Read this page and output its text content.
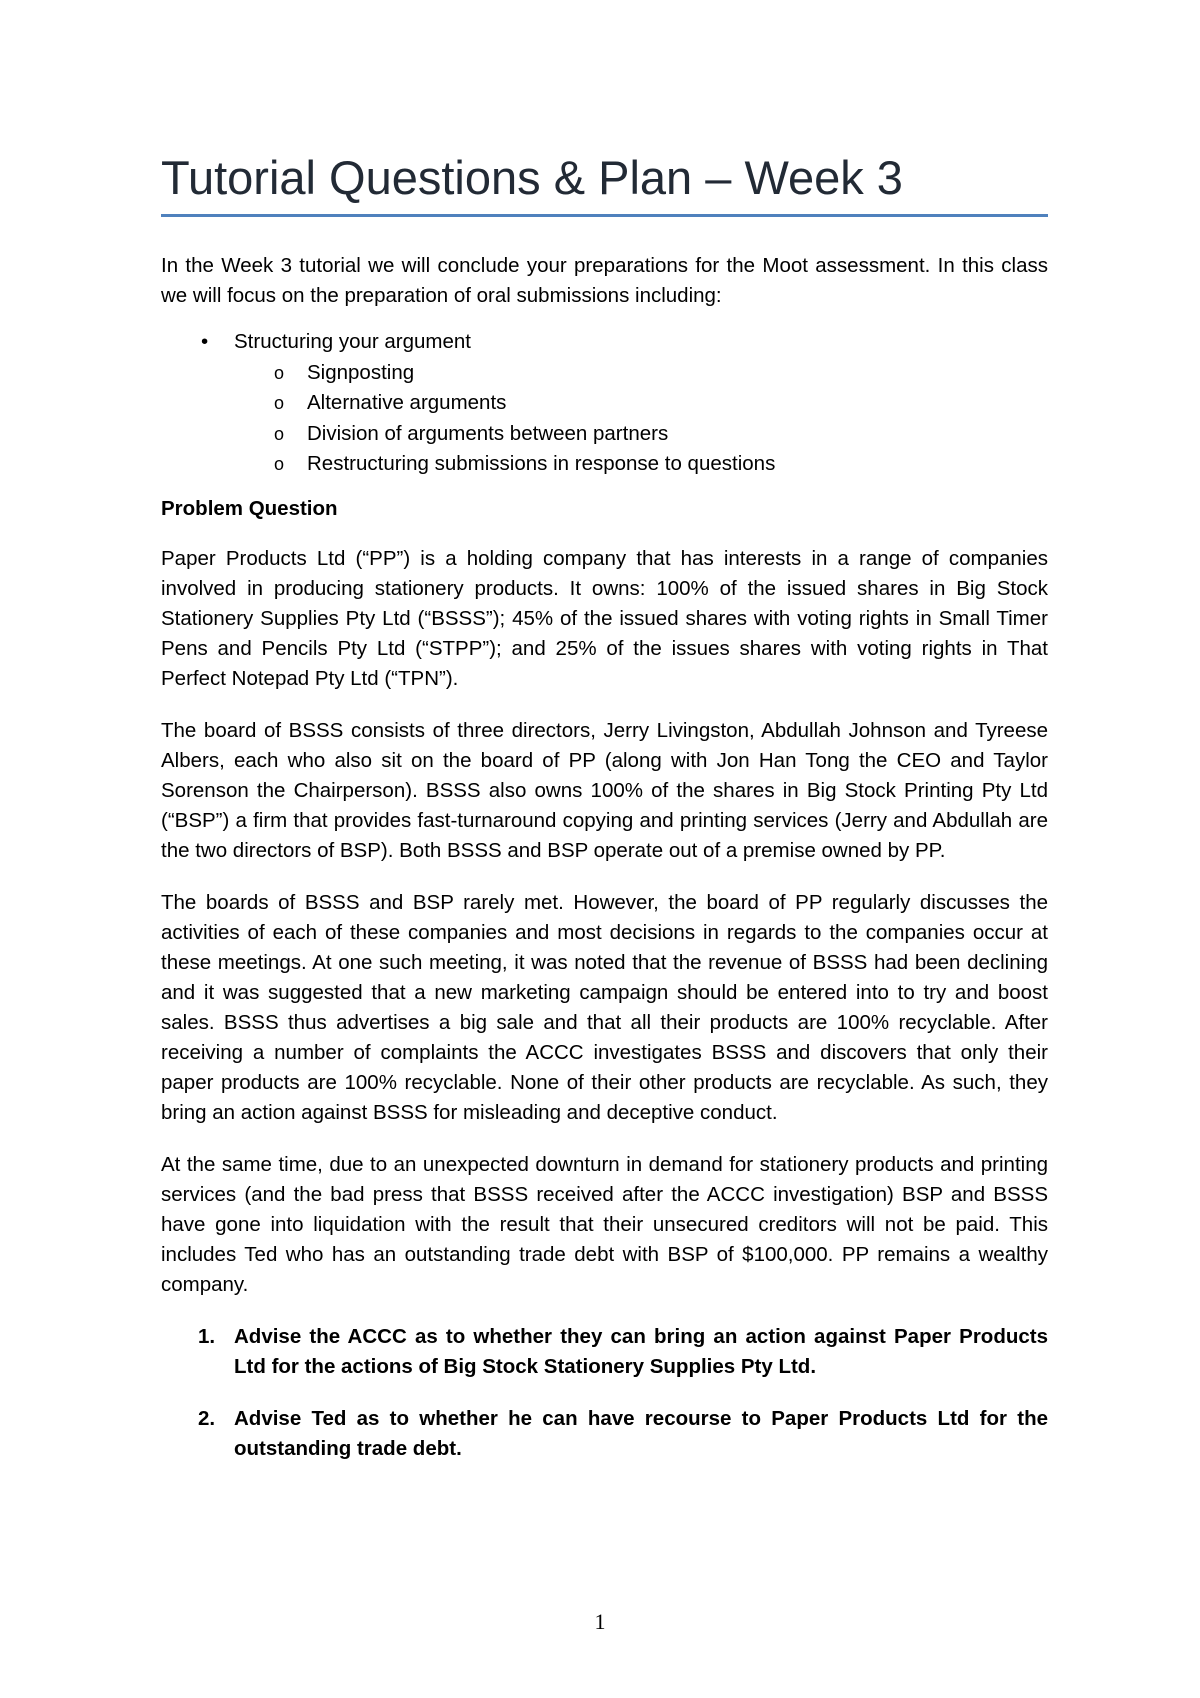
Tutorial Questions & Plan – Week 3

In the Week 3 tutorial we will conclude your preparations for the Moot assessment. In this class we will focus on the preparation of oral submissions including:

• Structuring your argument
o Signposting
o Alternative arguments
o Division of arguments between partners
o Restructuring submissions in response to questions

Problem Question

Paper Products Ltd (“PP”) is a holding company that has interests in a range of companies involved in producing stationery products. It owns: 100% of the issued shares in Big Stock Stationery Supplies Pty Ltd (“BSSS”); 45% of the issued shares with voting rights in Small Timer Pens and Pencils Pty Ltd (“STPP”); and 25% of the issues shares with voting rights in That Perfect Notepad Pty Ltd (“TPN”).

The board of BSSS consists of three directors, Jerry Livingston, Abdullah Johnson and Tyreese Albers, each who also sit on the board of PP (along with Jon Han Tong the CEO and Taylor Sorenson the Chairperson). BSSS also owns 100% of the shares in Big Stock Printing Pty Ltd (“BSP”) a firm that provides fast-turnaround copying and printing services (Jerry and Abdullah are the two directors of BSP). Both BSSS and BSP operate out of a premise owned by PP.

The boards of BSSS and BSP rarely met. However, the board of PP regularly discusses the activities of each of these companies and most decisions in regards to the companies occur at these meetings. At one such meeting, it was noted that the revenue of BSSS had been declining and it was suggested that a new marketing campaign should be entered into to try and boost sales. BSSS thus advertises a big sale and that all their products are 100% recyclable. After receiving a number of complaints the ACCC investigates BSSS and discovers that only their paper products are 100% recyclable. None of their other products are recyclable. As such, they bring an action against BSSS for misleading and deceptive conduct.

At the same time, due to an unexpected downturn in demand for stationery products and printing services (and the bad press that BSSS received after the ACCC investigation) BSP and BSSS have gone into liquidation with the result that their unsecured creditors will not be paid. This includes Ted who has an outstanding trade debt with BSP of $100,000. PP remains a wealthy company.

1. Advise the ACCC as to whether they can bring an action against Paper Products Ltd for the actions of Big Stock Stationery Supplies Pty Ltd.
2. Advise Ted as to whether he can have recourse to Paper Products Ltd for the outstanding trade debt.
1
